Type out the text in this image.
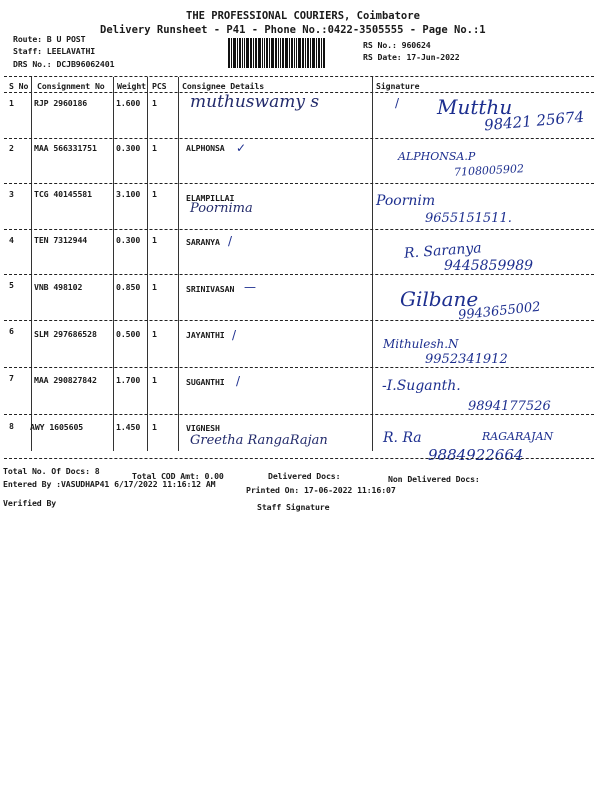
THE PROFESSIONAL COURIERS, Coimbatore
Delivery Runsheet - P41 - Phone No.:0422-3505555 - Page No.:1
Route: B U POST
Staff: LEELAVATHI
DRS No.: DCJB96062401
RS No.: 960624
RS Date: 17-Jun-2022
S No Consignment No Weight PCS Consignee Details	Signature
1 RJP 2960186	1.600 1 muthuswamy s	/ Mutthu
98421 25674
2 MAA 566331751 0.300 1	ALPHONSA ✓
ALPHONSA.P
7108005902
3 TCG 40145581	3.100 1	ELAMPILLAI
Poornima	Poornim
9655151511.
4 TEN 7312944	0.300 1	SARANYA /	R. Saranya
9445859989
5 VNB 498102	0.850 1	SRINIVASAN —	Gilbane
9943655002
6 SLM 297686528 0.500 1	JAYANTHI /
Mithulesh.N
9952341912
7 MAA 290827842 1.700 1	SUGANTHI /	-I.Suganth.
9894177526
8 AWY 1605605	1.450 1	VIGNESH
Greetha RangaRajan	R. Ra	RAGARAJAN
9884922664
Total No. Of Docs: 8	Total COD Amt: 0.00	Delivered Docs:	Non Delivered Docs:
Entered By :VASUDHAP41 6/17/2022 11:16:12 AM
Printed On: 17-06-2022 11:16:07
Verified By	Staff Signature
